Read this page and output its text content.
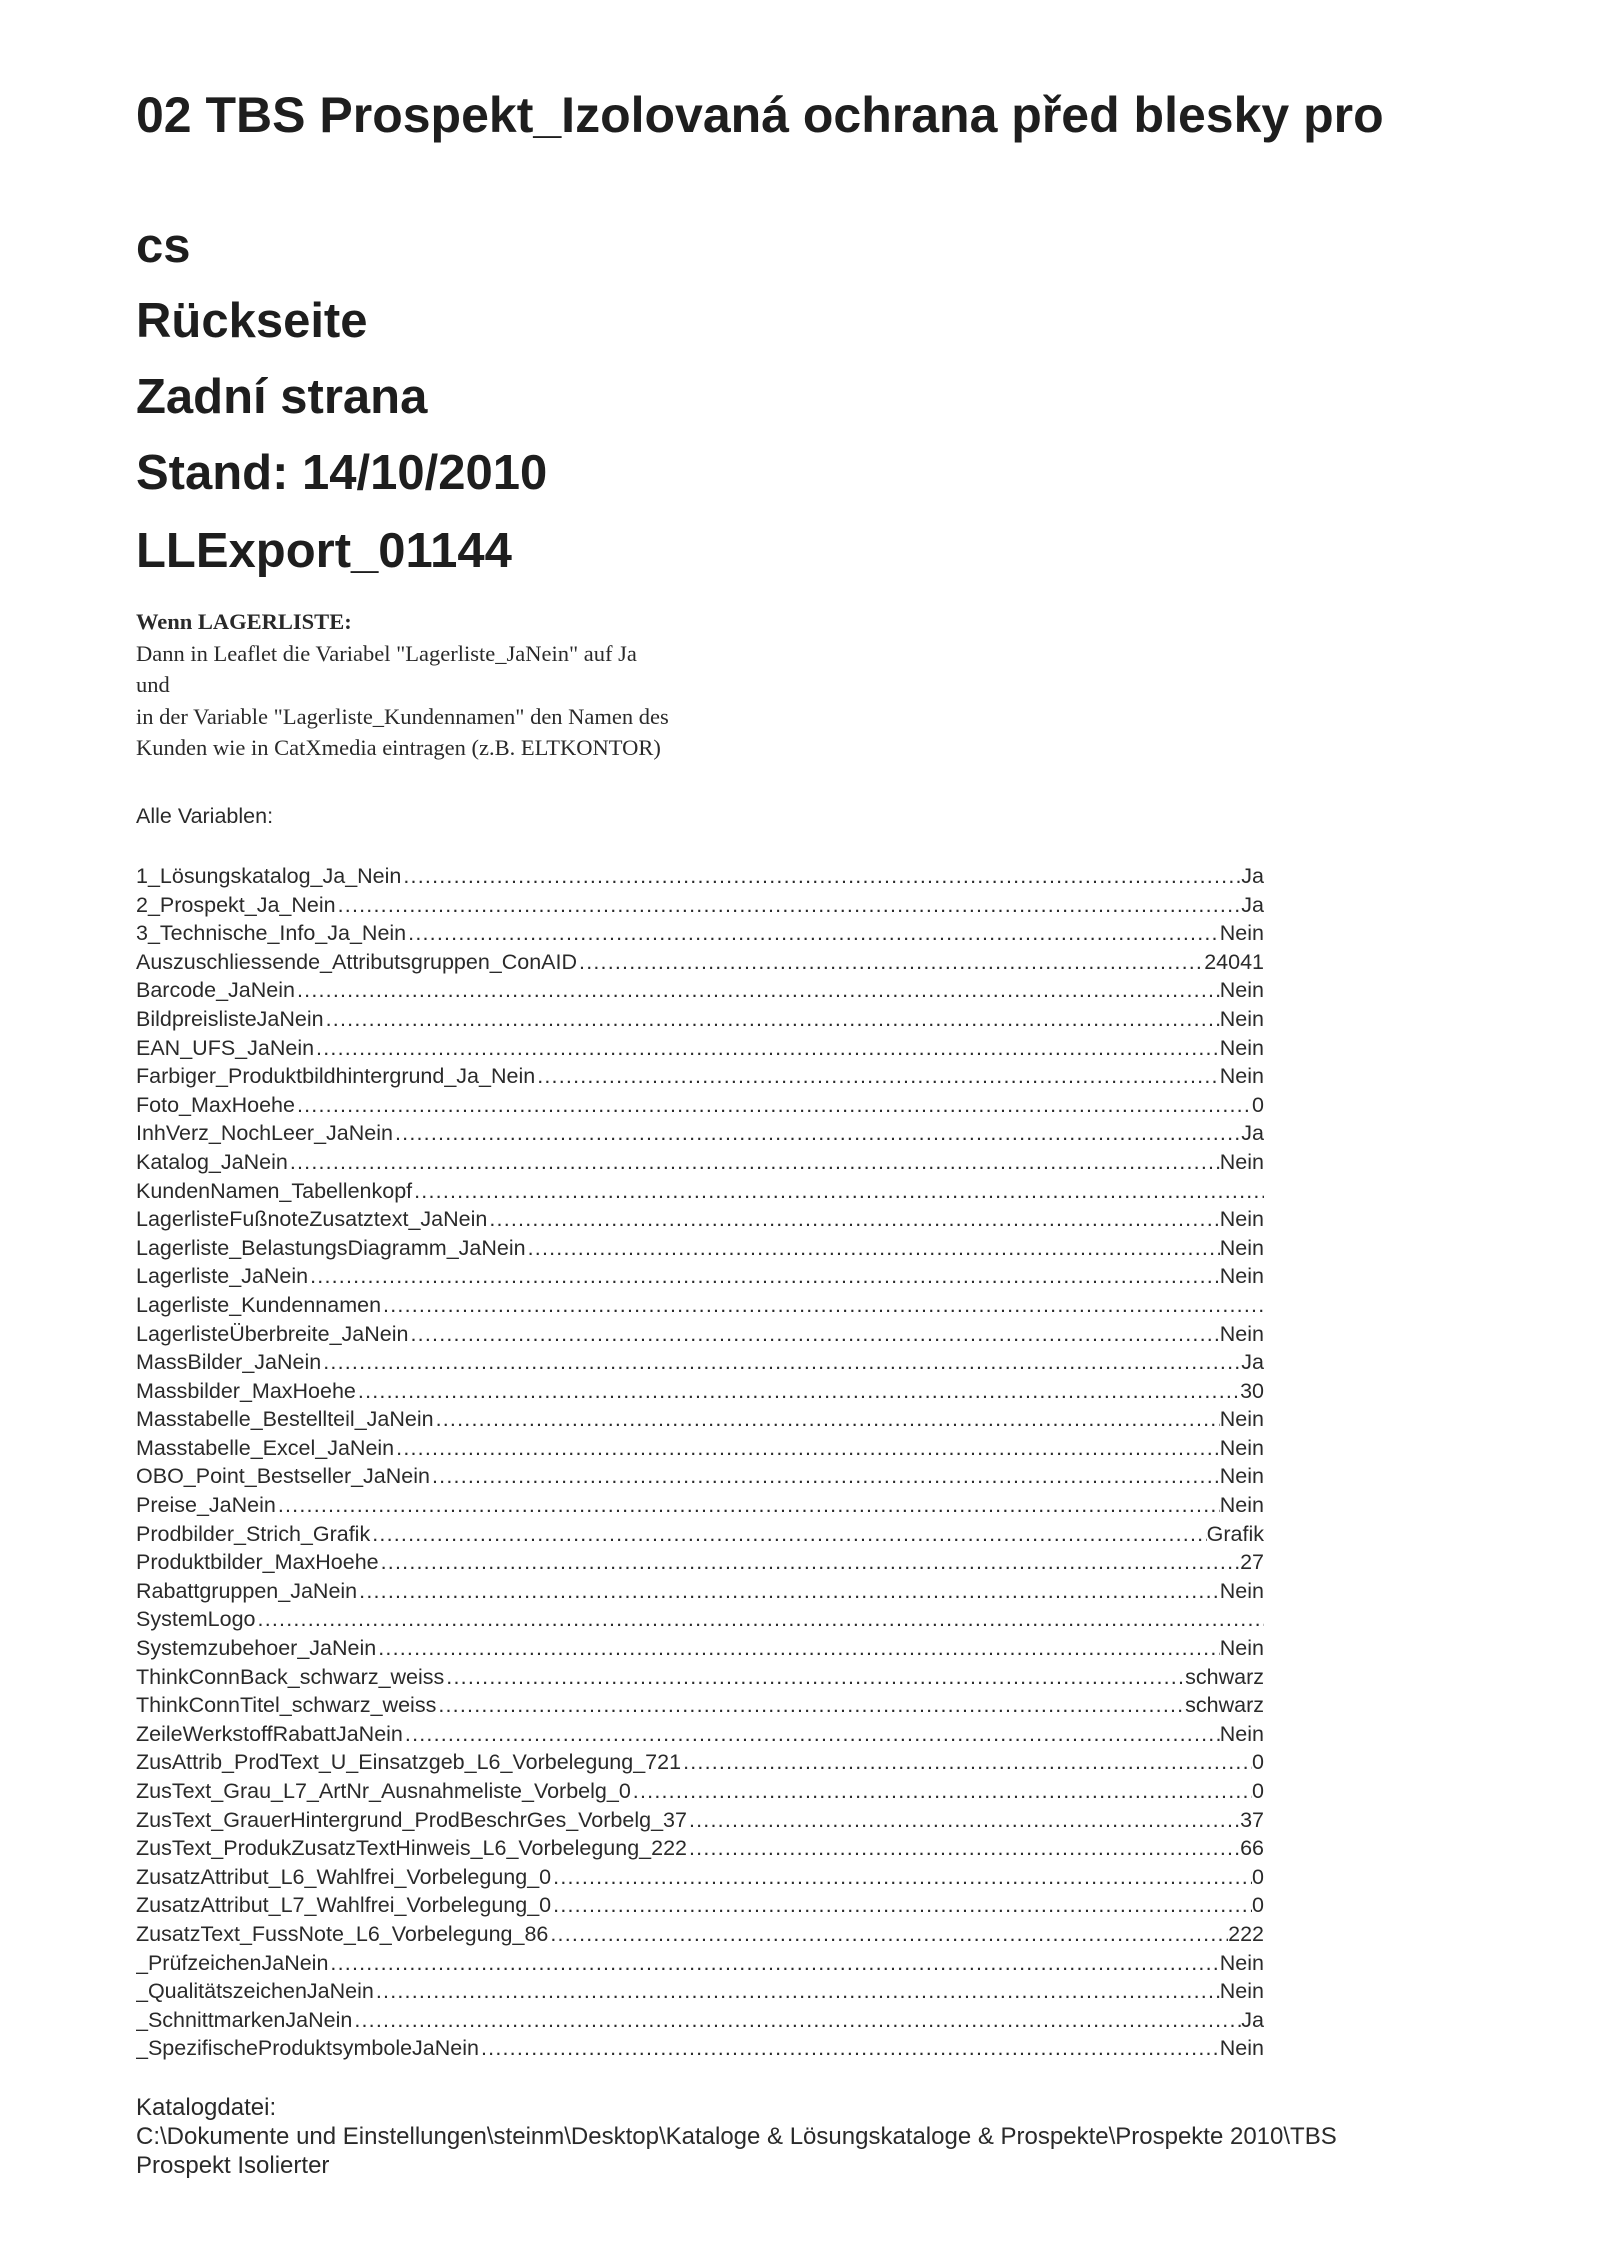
02 TBS Prospekt_Izolovaná ochrana před blesky pro
cs
Rückseite
Zadní strana
Stand: 14/10/2010
LLExport_01144
Wenn LAGERLISTE:
Dann in Leaflet die Variabel "Lagerliste_JaNein" auf Ja
und
in der Variable "Lagerliste_Kundennamen" den Namen des
Kunden wie in CatXmedia eintragen (z.B. ELTKONTOR)
Alle Variablen:
1_Lösungskatalog_Ja_Nein .....	Ja
2_Prospekt_Ja_Nein .....	Ja
3_Technische_Info_Ja_Nein .....	Nein
Auszuschliessende_Attributsgruppen_ConAID .....	24041
Barcode_JaNein .....	Nein
BildpreislisteJaNein .....	Nein
EAN_UFS_JaNein .....	Nein
Farbiger_Produktbildhintergrund_Ja_Nein .....	Nein
Foto_MaxHoehe .....	0
InhVerz_NochLeer_JaNein .....	Ja
Katalog_JaNein .....	Nein
KundenNamen_Tabellenkopf
.....
LagerlisteFußnoteZusatztext_JaNein .....	Nein
Lagerliste_BelastungsDiagramm_JaNein .....	Nein
Lagerliste_JaNein .....	Nein
Lagerliste_Kundennamen
.....
LagerlisteÜberbreite_JaNein .....	Nein
MassBilder_JaNein .....	Ja
Massbilder_MaxHoehe .....	30
Masstabelle_Bestellteil_JaNein .....	Nein
Masstabelle_Excel_JaNein .....	Nein
OBO_Point_Bestseller_JaNein .....	Nein
Preise_JaNein .....	Nein
Prodbilder_Strich_Grafik .....	Grafik
Produktbilder_MaxHoehe .....	27
Rabattgruppen_JaNein .....	Nein
SystemLogo
.....
Systemzubehoer_JaNein .....	Nein
ThinkConnBack_schwarz_weiss .....	schwarz
ThinkConnTitel_schwarz_weiss .....	schwarz
ZeileWerkstoffRabattJaNein .....	Nein
ZusAttrib_ProdText_U_Einsatzgeb_L6_Vorbelegung_721 .....	0
ZusText_Grau_L7_ArtNr_Ausnahmeliste_Vorbelg_0 .....	0
ZusText_GrauerHintergrund_ProdBeschrGes_Vorbelg_37 .....	37
ZusText_ProdukZusatzTextHinweis_L6_Vorbelegung_222 .....	66
ZusatzAttribut_L6_Wahlfrei_Vorbelegung_0 .....	0
ZusatzAttribut_L7_Wahlfrei_Vorbelegung_0 .....	0
ZusatzText_FussNote_L6_Vorbelegung_86 .....	222
_PrüfzeichenJaNein .....	Nein
_QualitätszeichenJaNein .....	Nein
_SchnittmarkenJaNein .....	Ja
_SpezifischeProduktsymboleJaNein .....	Nein
Katalogdatei:
C:\Dokumente und Einstellungen\steinm\Desktop\Kataloge & Lösungskataloge & Prospekte\Prospekte 2010\TBS
Prospekt Isolierter
